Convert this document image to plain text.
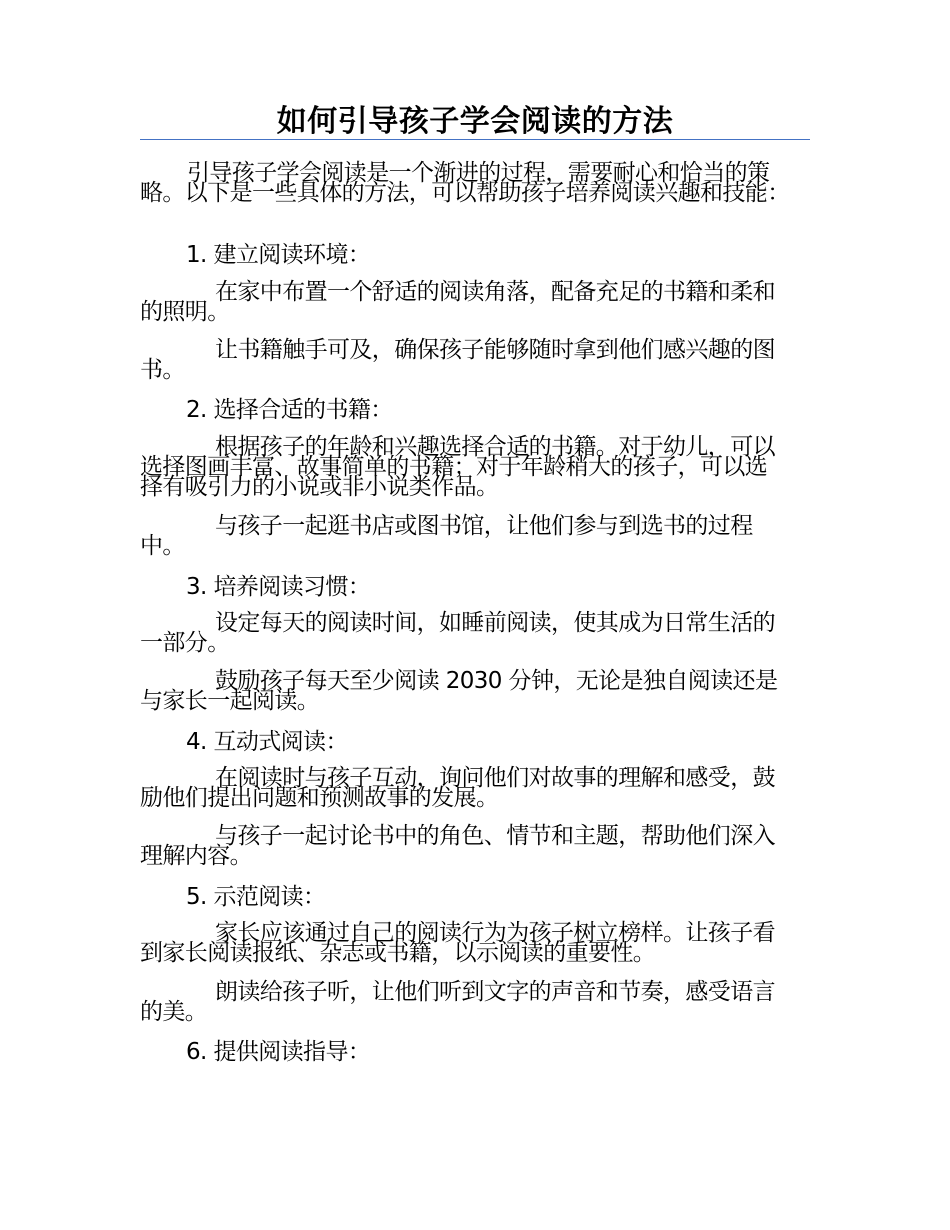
如何引导孩子学会阅读的方法
引导孩子学会阅读是一个渐进的过程，需要耐心和恰当的策略。以下是一些具体的方法，可以帮助孩子培养阅读兴趣和技能：
1. 建立阅读环境：
在家中布置一个舒适的阅读角落，配备充足的书籍和柔和的照明。
让书籍触手可及，确保孩子能够随时拿到他们感兴趣的图书。
2. 选择合适的书籍：
根据孩子的年龄和兴趣选择合适的书籍。对于幼儿，可以选择图画丰富、故事简单的书籍；对于年龄稍大的孩子，可以选择有吸引力的小说或非小说类作品。
与孩子一起逛书店或图书馆，让他们参与到选书的过程中。
3. 培养阅读习惯：
设定每天的阅读时间，如睡前阅读，使其成为日常生活的一部分。
鼓励孩子每天至少阅读 2030 分钟，无论是独自阅读还是与家长一起阅读。
4. 互动式阅读：
在阅读时与孩子互动，询问他们对故事的理解和感受，鼓励他们提出问题和预测故事的发展。
与孩子一起讨论书中的角色、情节和主题，帮助他们深入理解内容。
5. 示范阅读：
家长应该通过自己的阅读行为为孩子树立榜样。让孩子看到家长阅读报纸、杂志或书籍，以示阅读的重要性。
朗读给孩子听，让他们听到文字的声音和节奏，感受语言的美。
6. 提供阅读指导：
